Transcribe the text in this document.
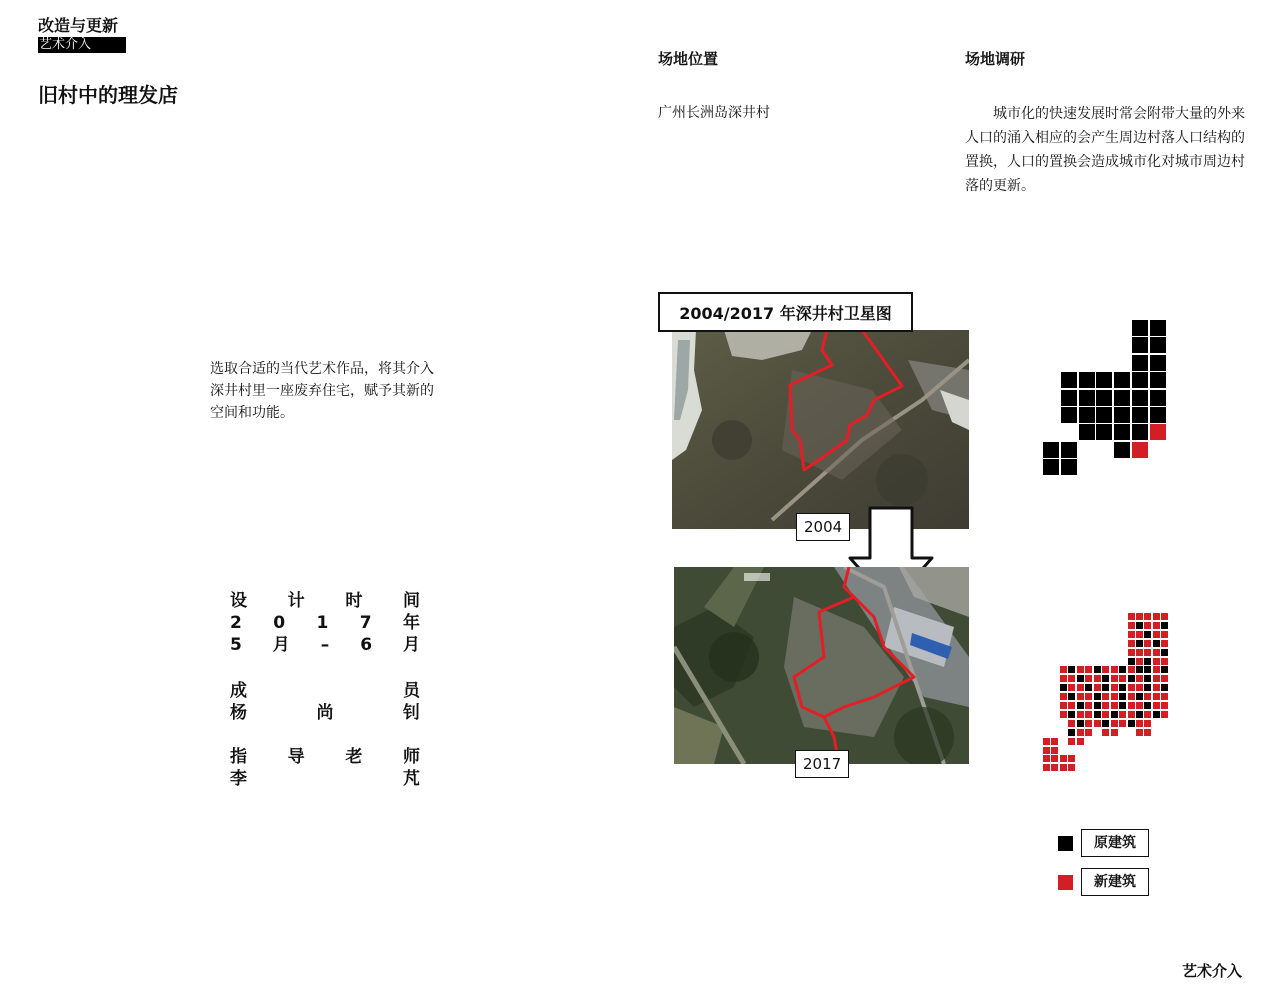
改造与更新
艺术介入
旧村中的理发店
选取合适的当代艺术作品，将其介入深井村里一座废弃住宅，赋予其新的空间和功能。
设 计 时 间
2 0 1 7 年
5 月 – 6 月
成	员
杨	尚	钊
指 导 老 师
李	芃
场地位置
广州长洲岛深井村
场地调研
城市化的快速发展时常会附带大量的外来人口的涌入相应的会产生周边村落人口结构的置换，人口的置换会造成城市化对城市周边村落的更新。
2004/2017 年深井村卫星图
2004
2017
原建筑
新建筑
艺术介入
